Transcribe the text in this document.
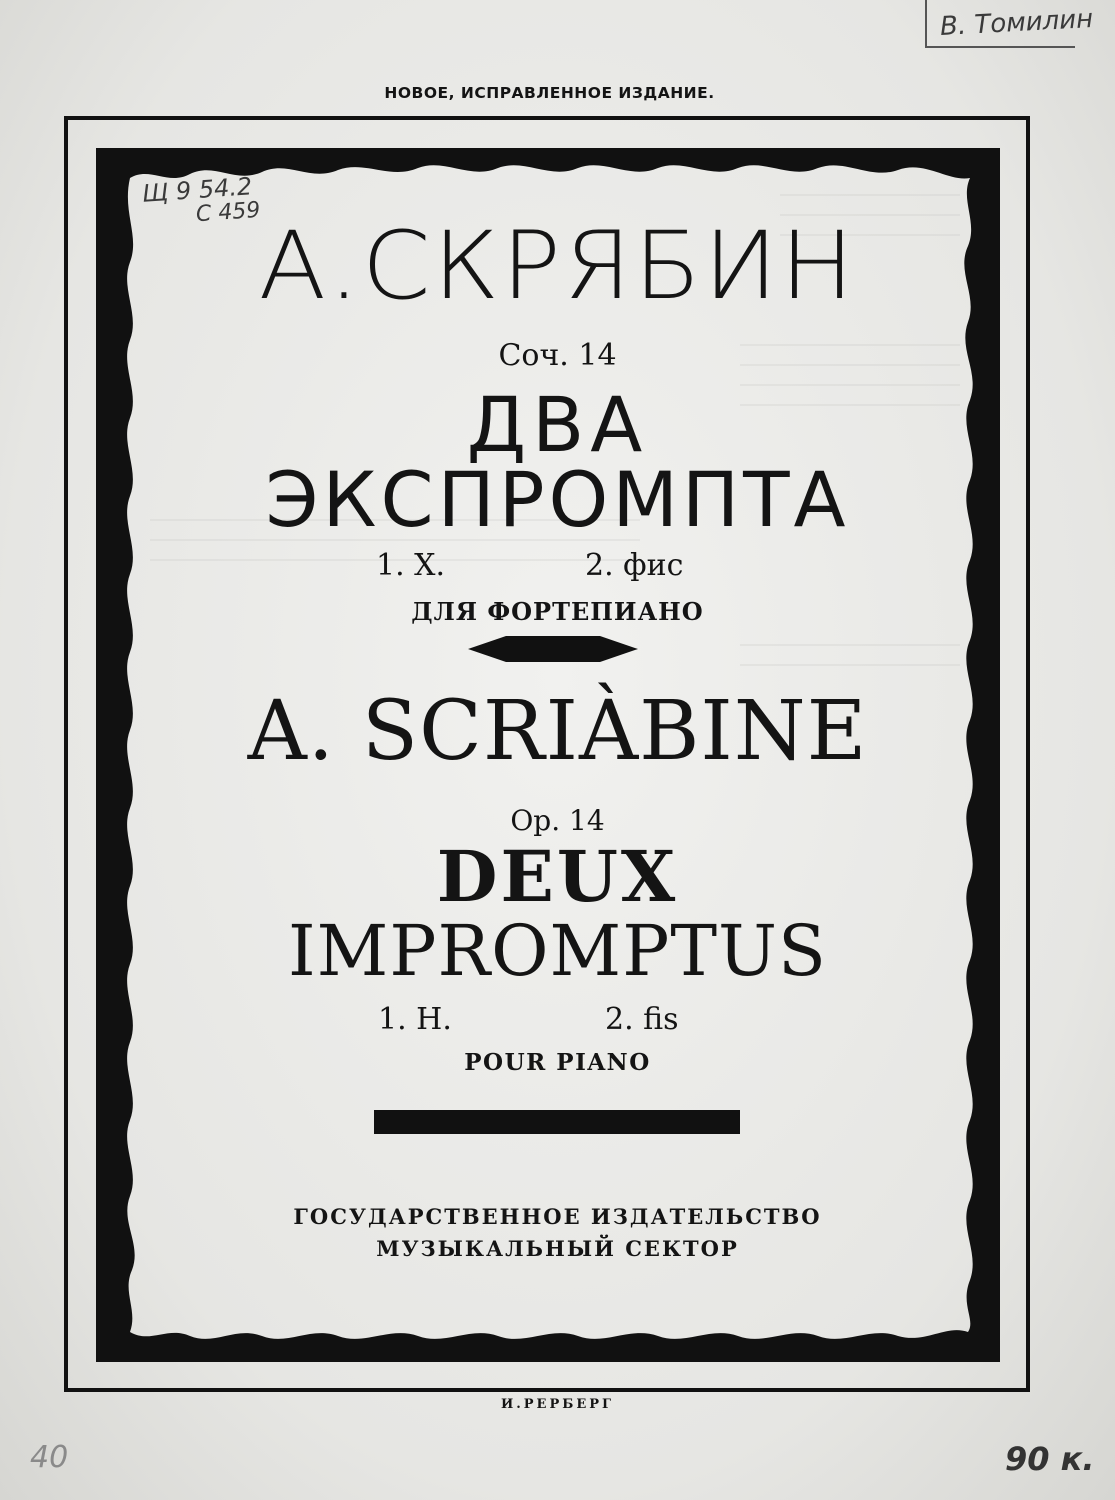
В. Томилин
НОВОЕ, ИСПРАВЛЕННОЕ ИЗДАНИЕ.
Щ 9 54.2
С 459
А.СКРЯБИН
Соч. 14
ДВА
ЭКСПРОМПТА
1. Х.	2. фис
ДЛЯ ФОРТЕПИАНО
A. SCRIÀBINE
Op. 14
DEUX
IMPROMPTUS
1. H.	2. fis
POUR PIANO
ГОСУДАРСТВЕННОЕ ИЗДАТЕЛЬСТВО
МУЗЫКАЛЬНЫЙ СЕКТОР
И.РЕРБЕРГ
40	90 к.
